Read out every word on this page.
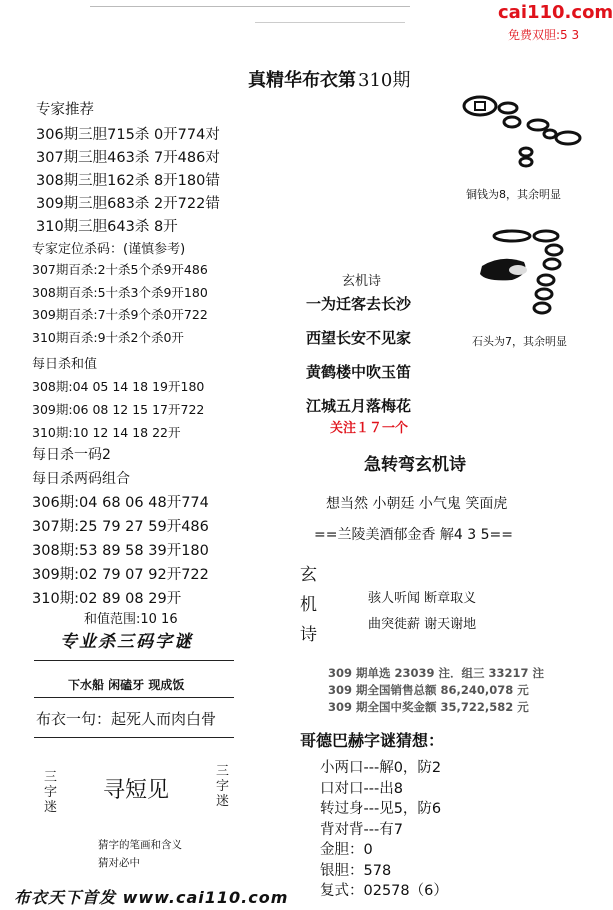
cai110.com
免费双胆:5 3
真精华布衣第 310期
专家推荐
306期三胆715杀 0开774对
307期三胆463杀 7开486对
308期三胆162杀 8开180错
309期三胆683杀 2开722错
310期三胆643杀 8开
专家定位杀码：(谨慎参考)
307期百杀:2十杀5个杀9开486
308期百杀:5十杀3个杀9开180
309期百杀:7十杀9个杀0开722
310期百杀:9十杀2个杀0开
每日杀和值
308期:04 05 14 18 19开180
309期:06 08 12 15 17开722
310期:10 12 14 18 22开
每日杀一码2
每日杀两码组合
306期:04 68 06 48开774
307期:25 79 27 59开486
308期:53 89 58 39开180
309期:02 79 07 92开722
310期:02 89 08 29开
和值范围:10 16
专业杀三码字谜
下水船 闲磕牙 现成饭
布衣一句：起死人而肉白骨
三
字
迷
寻短见
三
字
迷
猜字的笔画和含义
猜对必中
布衣天下首发 www.cai110.com
铜钱为8，其余明显
石头为7，其余明显
玄机诗
一为迁客去长沙
西望长安不见家
黄鹤楼中吹玉笛
江城五月落梅花
关注１７一个
急转弯玄机诗
想当然 小朝廷 小气鬼 笑面虎
==兰陵美酒郁金香 解4 3 5==
玄
机
诗
骇人听闻 断章取义
曲突徙薪 谢天谢地
309 期单选 23039 注．组三 33217 注
309 期全国销售总额 86,240,078 元
309 期全国中奖金额 35,722,582 元
哥德巴赫字谜猜想：
小两口---解0，防2
口对口---出8
转过身---见5，防6
背对背---有7
金胆：0
银胆：578
复式：02578（6）
